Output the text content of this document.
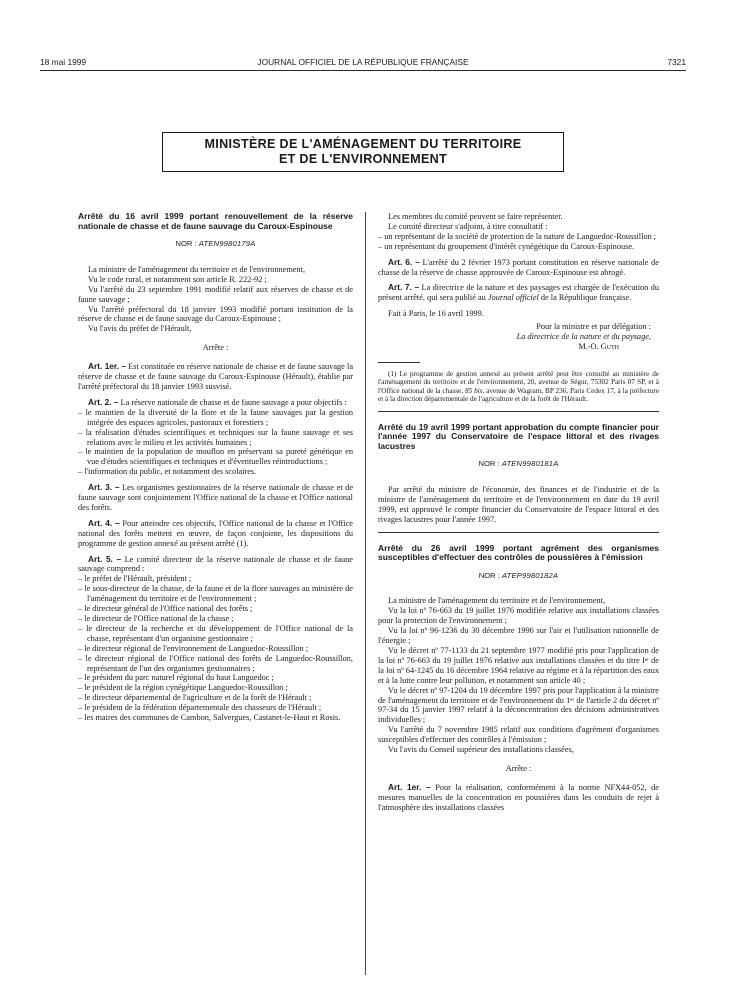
18 mai 1999	JOURNAL OFFICIEL DE LA RÉPUBLIQUE FRANÇAISE	7321
MINISTÈRE DE L'AMÉNAGEMENT DU TERRITOIRE
ET DE L'ENVIRONNEMENT

Arrêté du 16 avril 1999 portant renouvellement de la réserve nationale de chasse et de faune sauvage du Caroux-Espinouse

NOR : ATEN9980179A

La ministre de l'aménagement du territoire et de l'environnement,

Vu le code rural, et notamment son article R. 222-92 ;

Vu l'arrêté du 23 septembre 1991 modifié relatif aux réserves de chasse et de faune sauvage ;

Vu l'arrêté préfectoral du 18 janvier 1993 modifié portant institution de la réserve de chasse et de faune sauvage du Caroux-Espinouse ;

Vu l'avis du préfet de l'Hérault,

Arrête :

Art. 1er. – Est constituée en réserve nationale de chasse et de faune sauvage la réserve de chasse et de faune sauvage du Caroux-Espinouse (Hérault), établie par l'arrêté préfectoral du 18 janvier 1993 susvisé.

Art. 2. – La réserve nationale de chasse et de faune sauvage a pour objectifs :

– le maintien de la diversité de la flore et de la faune sauvages par la gestion intégrée des espaces agricoles, pastoraux et forestiers ;
– la réalisation d'études scientifiques et techniques sur la faune sauvage et ses relations avec le milieu et les activités humaines ;
– le maintien de la population de mouflon en préservant sa pureté génétique en vue d'études scientifiques et techniques et d'éventuelles réintroductions ;
– l'information du public, et notamment des scolaires.

Art. 3. – Les organismes gestionnaires de la réserve nationale de chasse et de faune sauvage sont conjointement l'Office national de la chasse et l'Office national des forêts.

Art. 4. – Pour atteindre ces objectifs, l'Office national de la chasse et l'Office national des forêts mettent en œuvre, de façon conjointe, les dispositions du programme de gestion annexé au présent arrêté (1).

Art. 5. – Le comité directeur de la réserve nationale de chasse et de faune sauvage comprend :

– le préfet de l'Hérault, président ;
– le sous-directeur de la chasse, de la faune et de la flore sauvages au ministère de l'aménagement du territoire et de l'environnement ;
– le directeur général de l'Office national des forêts ;
– le directeur de l'Office national de la chasse ;
– le directeur de la recherche et du développement de l'Office national de la chasse, représentant d'un organisme gestionnaire ;
– le directeur régional de l'environnement de Languedoc-Roussillon ;
– le directeur régional de l'Office national des forêts de Languedoc-Roussillon, représentant de l'un des organismes gestionnaires ;
– le président du parc naturel régional du haut Languedoc ;
– le président de la région cynégétique Languedoc-Roussillon ;
– le directeur départemental de l'agriculture et de la forêt de l'Hérault ;
– le président de la fédération départementale des chasseurs de l'Hérault ;
– les maires des communes de Cambon, Salvergues, Castanet-le-Haut et Rosis.

Les membres du comité peuvent se faire représenter.

Le comité directeur s'adjoint, à titre consultatif :

– un représentant de la société de protection de la nature de Languedoc-Roussillon ;
– un représentant du groupement d'intérêt cynégétique du Caroux-Espinouse.

Art. 6. – L'arrêté du 2 février 1973 portant constitution en réserve nationale de chasse de la réserve de chasse approuvée de Caroux-Espinouse est abrogé.

Art. 7. – La directrice de la nature et des paysages est chargée de l'exécution du présent arrêté, qui sera publié au Journal officiel de la République française.

Fait à Paris, le 16 avril 1999.

Pour la ministre et par délégation :

La directrice de la nature et du paysage,

M.-O. Guth

(1) Le programme de gestion annexé au présent arrêté peut être consulté au ministère de l'aménagement du territoire et de l'environnement, 20, avenue de Ségur, 75302 Paris 07 SP, et à l'Office national de la chasse, 85 bis, avenue de Wagram, BP 236, Paris Cedex 17, à la préfecture et à la direction départementale de l'agriculture et de la forêt de l'Hérault.

Arrêté du 19 avril 1999 portant approbation du compte financier pour l'année 1997 du Conservatoire de l'espace littoral et des rivages lacustres

NOR : ATEN9980181A

Par arrêté du ministre de l'économie, des finances et de l'industrie et de la ministre de l'aménagement du territoire et de l'environnement en date du 19 avril 1999, est approuvé le compte financier du Conservatoire de l'espace littoral et des rivages lacustres pour l'année 1997.

Arrêté du 26 avril 1999 portant agrément des organismes susceptibles d'effectuer des contrôles de poussières à l'émission

NOR : ATEP9980182A

La ministre de l'aménagement du territoire et de l'environnement,

Vu la loi nº 76-663 du 19 juillet 1976 modifiée relative aux installations classées pour la protection de l'environnement ;

Vu la loi nº 96-1236 du 30 décembre 1996 sur l'air et l'utilisation rationnelle de l'énergie ;

Vu le décret nº 77-1133 du 21 septembre 1977 modifié pris pour l'application de la loi nº 76-663 du 19 juillet 1976 relative aux installations classées et du titre Iᵉʳ de la loi nº 64-1245 du 16 décembre 1964 relative au régime et à la répartition des eaux et à la lutte contre leur pollution, et notamment son article 40 ;

Vu le décret nº 97-1204 du 19 décembre 1997 pris pour l'application à la ministre de l'aménagement du territoire et de l'environnement du 1ᵉʳ de l'article 2 du décret nº 97-34 du 15 janvier 1997 relatif à la déconcentration des décisions administratives individuelles ;

Vu l'arrêté du 7 novembre 1985 relatif aux conditions d'agrément d'organismes susceptibles d'effectuer des contrôles à l'émission ;

Vu l'avis du Conseil supérieur des installations classées,

Arrête :

Art. 1er. – Pour la réalisation, conformément à la norme NFX44-052, de mesures manuelles de la concentration en poussières dans les conduits de rejet à l'atmosphère des installations classées
